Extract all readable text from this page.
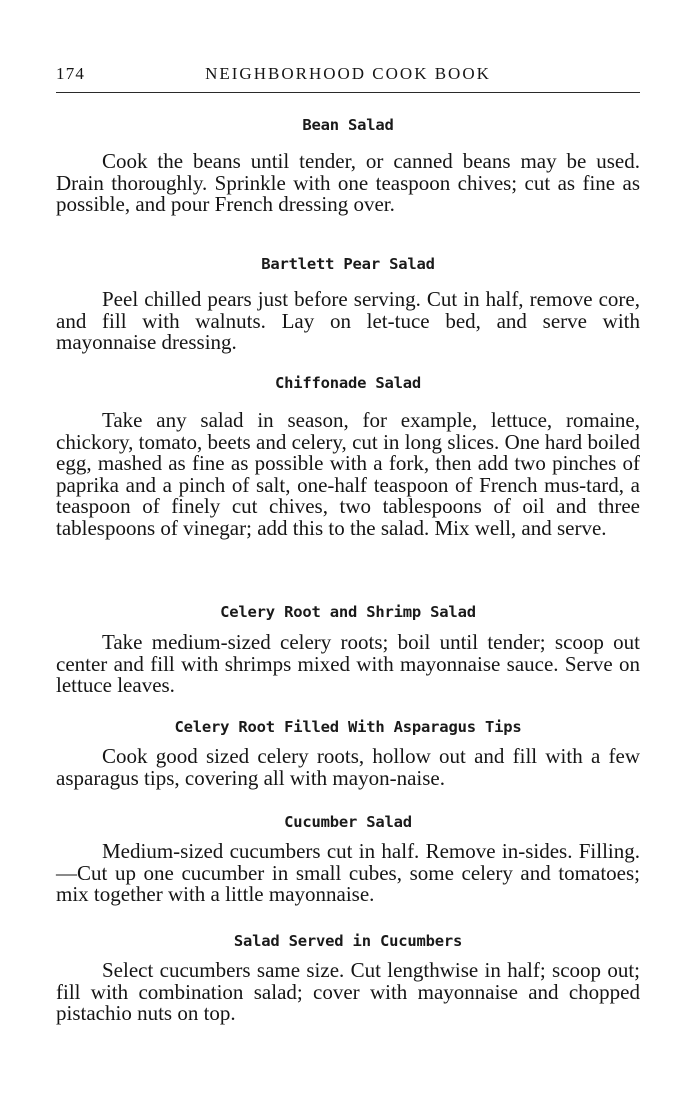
174	NEIGHBORHOOD COOK BOOK
Bean Salad

Cook the beans until tender, or canned beans may be used. Drain thoroughly. Sprinkle with one teaspoon chives; cut as fine as possible, and pour French dressing over.

Bartlett Pear Salad

Peel chilled pears just before serving. Cut in half, remove core, and fill with walnuts. Lay on let-tuce bed, and serve with mayonnaise dressing.

Chiffonade Salad

Take any salad in season, for example, lettuce, romaine, chickory, tomato, beets and celery, cut in long slices. One hard boiled egg, mashed as fine as possible with a fork, then add two pinches of paprika and a pinch of salt, one-half teaspoon of French mus-tard, a teaspoon of finely cut chives, two tablespoons of oil and three tablespoons of vinegar; add this to the salad. Mix well, and serve.

Celery Root and Shrimp Salad

Take medium-sized celery roots; boil until tender; scoop out center and fill with shrimps mixed with mayonnaise sauce. Serve on lettuce leaves.

Celery Root Filled With Asparagus Tips

Cook good sized celery roots, hollow out and fill with a few asparagus tips, covering all with mayon-naise.

Cucumber Salad

Medium-sized cucumbers cut in half. Remove in-sides. Filling.—Cut up one cucumber in small cubes, some celery and tomatoes; mix together with a little mayonnaise.

Salad Served in Cucumbers

Select cucumbers same size. Cut lengthwise in half; scoop out; fill with combination salad; cover with mayonnaise and chopped pistachio nuts on top.
